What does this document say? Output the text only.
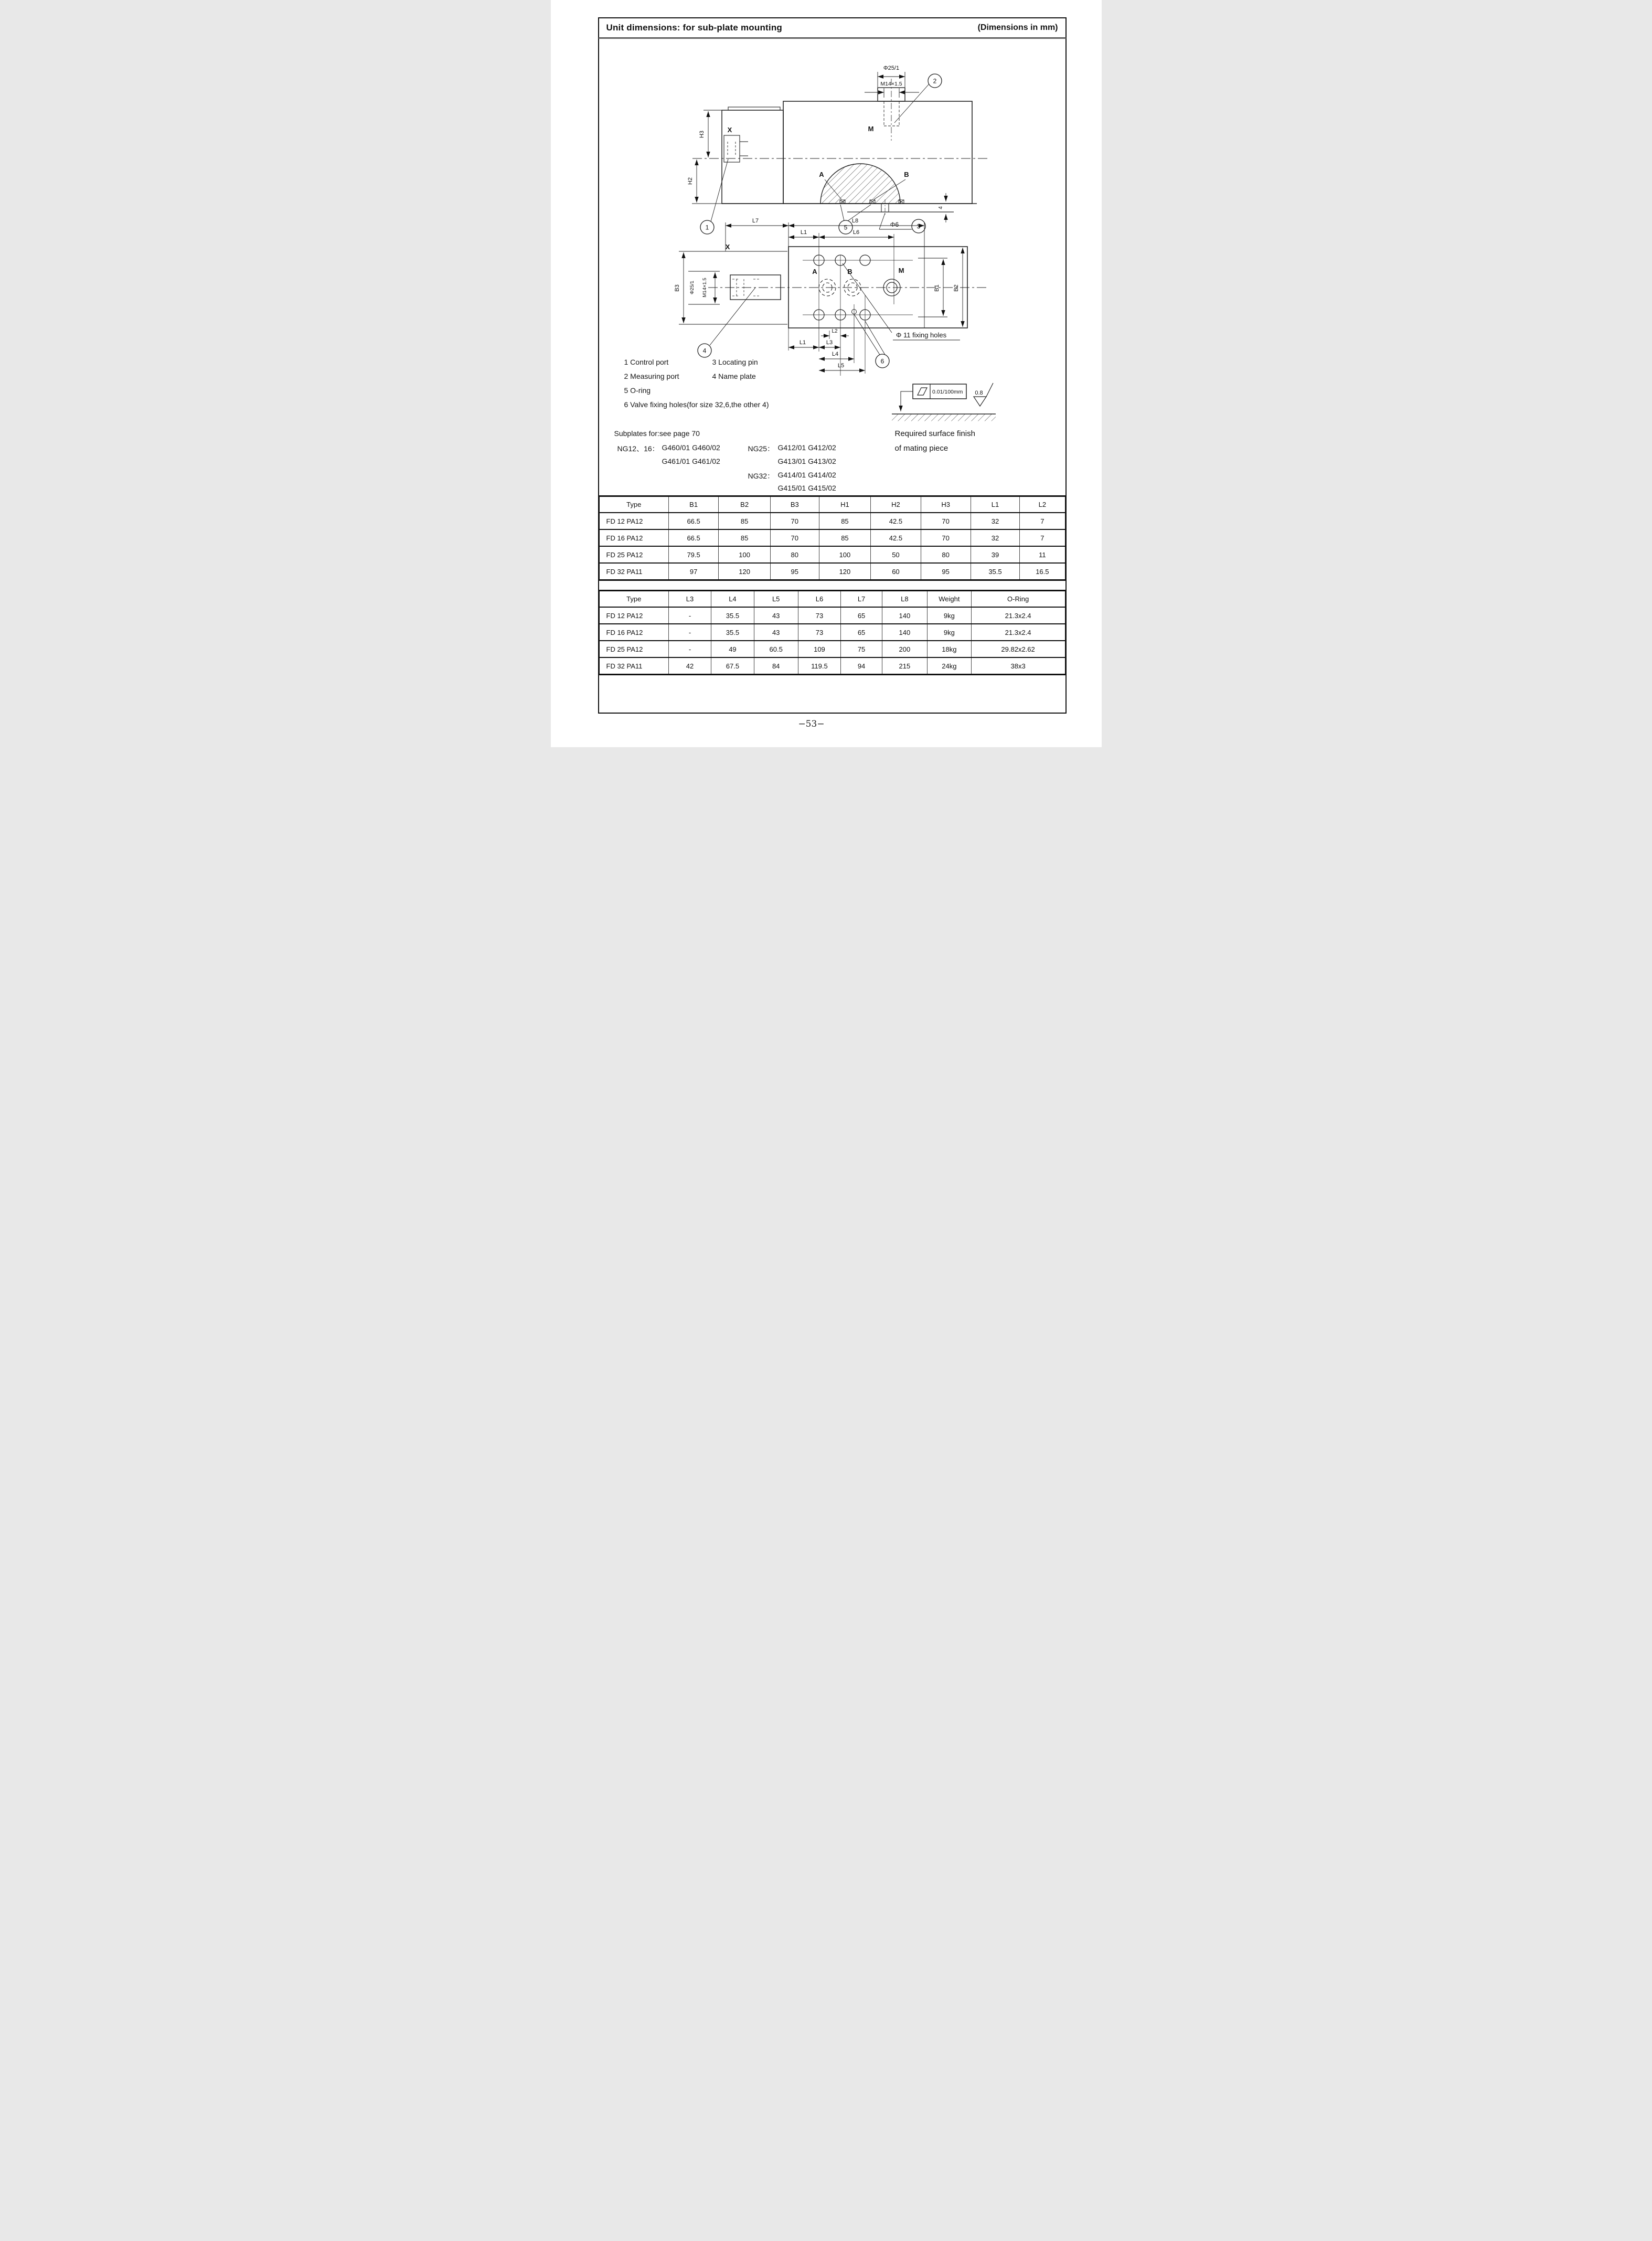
Unit dimensions: for sub-plate mounting	(Dimensions in mm)
Φ25/1
M14×1.5	2
M
H3
H2
X
1
A	B
4
5	Φ6	3
B3 Φ25/1 M14×1.5
X
4
L7	L8
L1	L6
A	B	M
B1 B2
L2
L1	L3
L4
L5
Φ 11 fixing holes
6
0.01/100mm 0.8
1 Control port	3 Locating pin
2 Measuring port	4 Name plate
5 O-ring
6 Valve fixing holes(for size 32,6,the other 4)
Subplates for:see page 70
NG12、16： G460/01 G460/02
G461/01 G461/02
NG25： G412/01 G412/02
G413/01 G413/02
NG32： G414/01 G414/02
G415/01 G415/02
Required surface finish
of mating piece
Type	B1	B2	B3	H1	H2	H3	L1	L2
FD 12 PA12	66.5	85	70	85	42.5	70	32	7
FD 16 PA12	66.5	85	70	85	42.5	70	32	7
FD 25 PA12	79.5	100	80	100	50	80	39	11
FD 32 PA11	97	120	95	120	60	95	35.5	16.5
Type	L3	L4	L5	L6	L7	L8	Weight	O-Ring
FD 12 PA12	-	35.5	43	73	65	140	9kg	21.3x2.4
FD 16 PA12	-	35.5	43	73	65	140	9kg	21.3x2.4
FD 25 PA12	-	49	60.5	109	75	200	18kg	29.82x2.62
FD 32 PA11	42	67.5	84	119.5	94	215	24kg	38x3
−53−
